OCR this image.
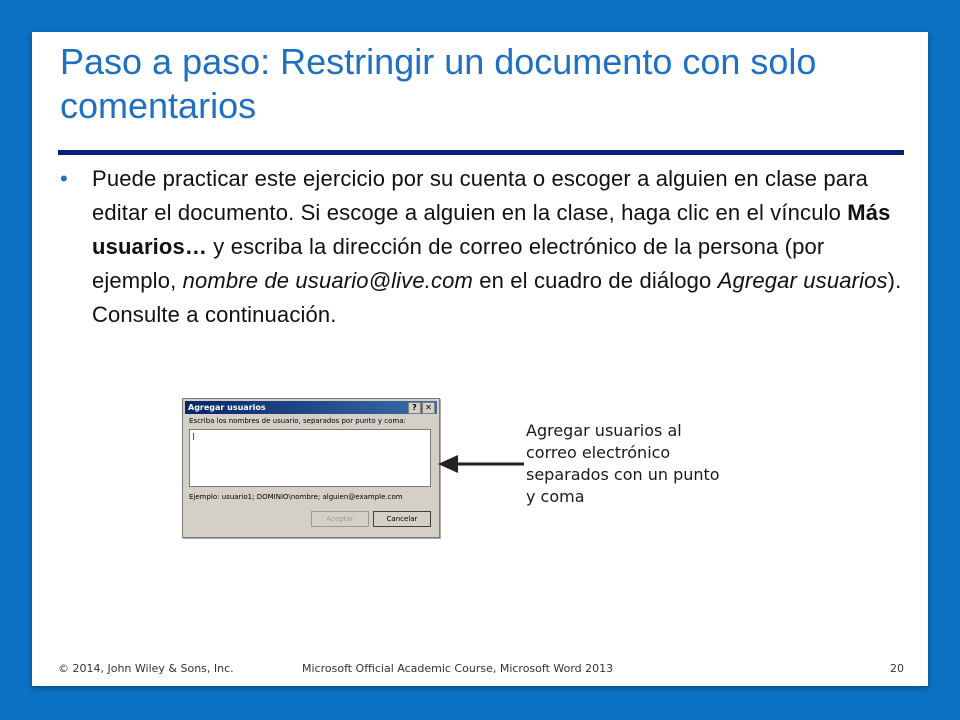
Paso a paso: Restringir un documento con solo comentarios
•	Puede practicar este ejercicio por su cuenta o escoger a alguien en clase para editar el documento. Si escoge a alguien en la clase, haga clic en el vínculo Más usuarios… y escriba la dirección de correo electrónico de la persona (por ejemplo, nombre de usuario@live.com en el cuadro de diálogo Agregar usuarios). Consulte a continuación.

Agregar usuarios	?	✕
Escriba los nombres de usuario, separados por punto y coma:
Ejemplo: usuario1; DOMINIO\nombre; alguien@example.com
Aceptar	Cancelar
Agregar usuarios al correo electrónico separados con un punto y coma
© 2014, John Wiley & Sons, Inc.	Microsoft Official Academic Course, Microsoft Word 2013	20
